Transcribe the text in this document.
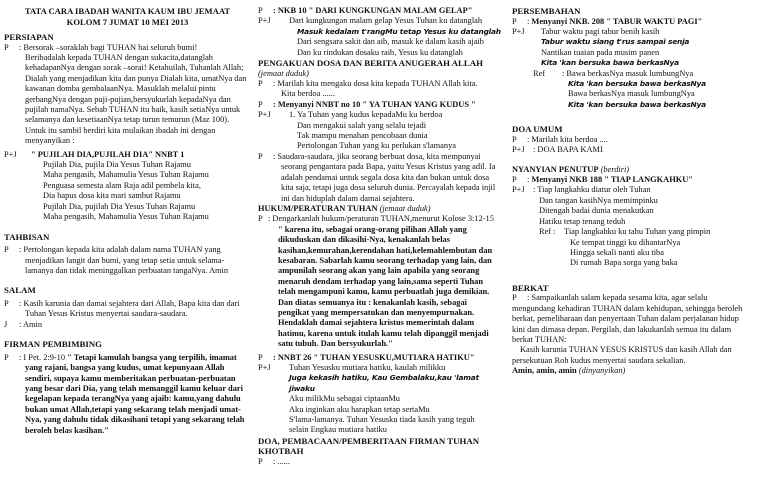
TATA CARA IBADAH WANITA KAUM IBU JEMAAT
KOLOM 7 JUMAT 10 MEI 2013
PERSIAPAN
P	: Bersorak –soraklah bagi TUHAN hai seluruh bumi!
Beribadalah kepada TUHAN dengan sukacita,datanglah
kehadapanNya dengan sorak –sorai! Ketahuilah, Tuhanlah Allah;
Dialah yang menjadikan kita dan punya Dialah kita, umatNya dan
kawanan domba gembalaanNya. Masuklah melalui pintu
gerbangNya dengan puji-pujian,bersyukurlah kepadaNya dan
pujilah namaNya. Sebab TUHAN itu baik, kasih setiaNya untuk
selamanya dan kesetiaanNya tetap turun temurun (Maz 100).
Untuk itu sambil berdiri kita mulaikan ibadah ini dengan
menyanyikan :
P+J	" PUJILAH DIA,PUJILAH DIA" NNBT 1
Pujilah Dia, pujila Dia Yesus Tuhan Rajamu
Maha pengasih, Mahamulia Yesus Tuhan Rajamu
Penguasa semesta alam Raja adil pembela kita,
Dia hapus dosa kita mari sambut Rajamu
Pujilah Dia, pujilah Dia Yesus Tuhan Rajamu
Maha pengasih, Mahamulia Yesus Tuhan Rajamu
TAHBISAN
P	: Pertolongan kepada kita adalah dalam nama TUHAN yang
menjadikan langit dan bumi, yang tetap setia untuk selama-
lamanya dan tidak meninggalkan perbuatan tangaNya. Amin
SALAM
P	: Kasih karunia dan damai sejahtera dari Allah, Bapa kita dan dari
Tuhan Yesus Kristus menyertai saudara-saudara.
J	: Amin
FIRMAN PEMBIMBING
P	: I Pet. 2:9-10 " Tetapi kamulah bangsa yang terpilih, imamat
yang rajani, bangsa yang kudus, umat kepunyaan Allah
sendiri, supaya kamu memberitakan perbuatan-perbuatan
yang besar dari Dia, yang telah memanggil kamu keluar dari
kegelapan kepada terangNya yang ajaib: kamu,yang dahulu
bukan umat Allah,tetapi yang sekarang telah menjadi umat-
Nya, yang dahulu tidak dikasihani tetapi yang sekarang telah
beroleh belas kasihan."
P	: NKB 10 " DARI KUNGKUNGAN MALAM GELAP"
P+J	Dari kungkungan malam gelap Yesus Tuhan ku datanglah
Masuk kedalam t'rangMu tetap Yesus ku datanglah
Dari sengsara sakit dan aib, masuk ke dalam kasih ajaib
Dan ku rindukan dosaku raib, Yesus ku datanglah
PENGAKUAN DOSA DAN BERITA ANUGERAH ALLAH
(jemaat duduk)
P	: Marilah kita mengaku dosa kita kepada TUHAN Allah kita.
Kita berdoa ......
P	: Menyanyi NNBT no 10 " YA TUHAN YANG KUDUS "
P+J	1. Ya Tuhan yang kudus kepadaMu ku berdoa
Dan mengakui salah yang selalu tejadi
Tak mampu menahan pencobaan dunia
Pertolongan Tuhan yang ku perlukan s'lamanya
P	: Saudara-saudara, jika seorang berbuat dosa, kita mempunyai
seorang pengantara pada Bapa, yaitu Yesus Kristus yang adil. Ia
adalah pendamai untuk segala dosa kita dan bukan untuk dosa
kita saja, tetapi juga dosa seluruh dunia. Percayalah kepada injil
ini dan hiduplah dalam damai sejahtera.
HUKUM/PERATURAN TUHAN (jemaat duduk)
P : Dengarkanlah hukum/peraturan TUHAN,menurut Kolose 3:12-15
" karena itu, sebagai orang-orang pilihan Allah yang
dikuduskan dan dikasihi-Nya, kenakanlah belas
kasihan,kemurahan,kerendahan hati,kelemahlembutan dan
kesabaran. Sabarlah kamu seorang terhadap yang lain, dan
ampunilah seorang akan yang lain apabila yang seorang
menaruh dendam terhadap yang lain,sama seperti Tuhan
telah mengampuni kamu, kamu perbuatlah juga demikian.
Dan diatas semuanya itu : kenakanlah kasih, sebagai
pengikat yang mempersatukan dan menyempurnakan.
Hendaklah damai sejahtera kristus memerintah dalam
hatimu, karena untuk itulah kamu telah dipanggil menjadi
satu tubuh. Dan bersyukurlah."
P	: NNBT 26 " TUHAN YESUSKU,MUTIARA HATIKU"
P+J	Tuhan Yesusku mutiara hatiku, kaulah milikku
Juga kekasih hatiku, Kau Gembalaku,kau 'lamat jiwaku
Aku milikMu sebagai ciptaanMu
Aku inginkan aku harapkan tetap sertaMu
S'lama-lamanya. Tuhan Yesusku tiada kasih yang teguh
selain Engkau mutiara hatiku
DOA, PEMBACAAN/PEMBERITAAN FIRMAN TUHAN
KHOTBAH
P	: ......
PERSEMBAHAN
P	: Menyanyi NKB. 208 " TABUR WAKTU PAGI"
P+J	Tabur waktu pagi tabur benih kasih
Tabur waktu siang t'rus sampai senja
Nantikan tuaian pada musim panen
Kita 'kan bersuka bawa berkasNya
Ref	: Bawa berkasNya masuk lumbungNya
Kita 'kan bersuka bawa berkasNya
Bawa berkasNya masuk lumbungNya
Kita 'kan bersuka bawa berkasNya
DOA UMUM
P	: Marilah kita berdoa ....
P+J : DOA BAPA KAMI
NYANYIAN PENUTUP (berdiri)
P	: Menyanyi NKB 188 " TIAP LANGKAHKU"
P+J : Tiap langkahku diatur oleh Tuhan
Dan tangan kasihNya memimpinku
Ditengah badai dunia menakutkan
Hatiku tetap tenang teduh
Ref :	Tiap langkahku ku tahu Tuhan yang pimpin
Ke tempat tinggi ku dihantarNya
Hingga sekali nanti aku tiba
Di rumah Bapa sorga yang baka
BERKAT
P	: Sampaikanlah salam kepada sesama kita, agar selalu
mengundang kehadiran TUHAN dalam kehidupan, sehingga beroleh
berkat, pemeliharaan dan penyertaan Tuhan dalam perjalanan hidup
kini dan dimasa depan. Pergilah, dan lakukanlah semua itu dalam
berkat TUHAN:
Kasih karunia TUHAN YESUS KRISTUS dan kasih Allah dan
persekutuan Roh kudus menyertai saudara sekalian.
Amin, amin, amin (dinyanyikan)
